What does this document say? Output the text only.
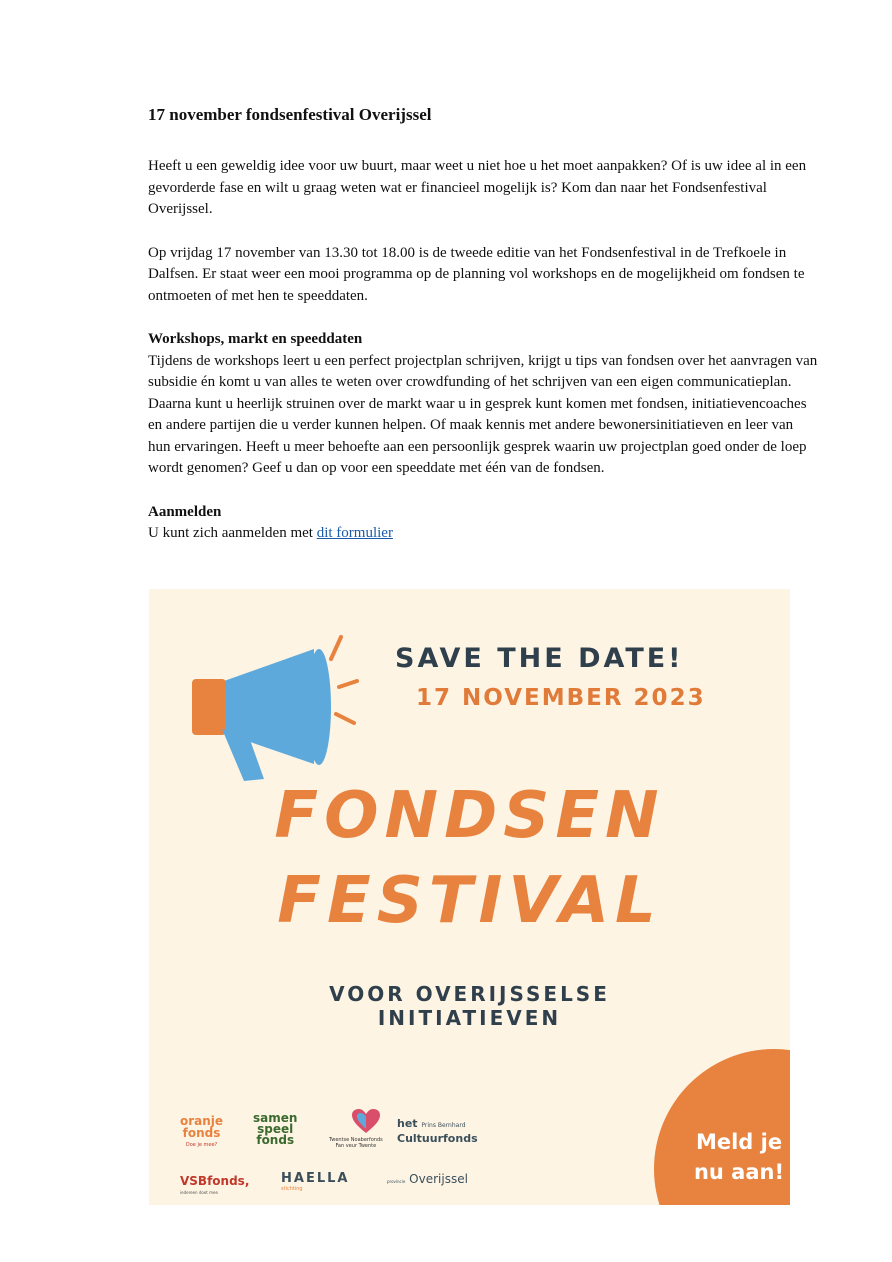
17 november fondsenfestival Overijssel

Heeft u een geweldig idee voor uw buurt, maar weet u niet hoe u het moet aanpakken? Of is uw idee al in een gevorderde fase en wilt u graag weten wat er financieel mogelijk is? Kom dan naar het Fondsenfestival Overijssel.

Op vrijdag 17 november van 13.30 tot 18.00 is de tweede editie van het Fondsenfestival in de Trefkoele in Dalfsen. Er staat weer een mooi programma op de planning vol workshops en de mogelijkheid om fondsen te ontmoeten of met hen te speeddaten.

Workshops, markt en speeddaten
Tijdens de workshops leert u een perfect projectplan schrijven, krijgt u tips van fondsen over het aanvragen van subsidie én komt u van alles te weten over crowdfunding of het schrijven van een eigen communicatieplan. Daarna kunt u heerlijk struinen over de markt waar u in gesprek kunt komen met fondsen, initiatievencoaches en andere partijen die u verder kunnen helpen. Of maak kennis met andere bewonersinitiatieven en leer van hun ervaringen. Heeft u meer behoefte aan een persoonlijk gesprek waarin uw projectplan goed onder de loep wordt genomen? Geef u dan op voor een speeddate met één van de fondsen.

Aanmelden
U kunt zich aanmelden met dit formulier

SAVE THE DATE!
17 NOVEMBER 2023
FONDSEN
FESTIVAL
VOOR OVERIJSSELSE
INITIATIEVEN
Meld je
nu aan!
oranje
fonds
Doe je mee?
samen
speel
fonds	Twentse Noaberfonds
Fan veur Twente
het Prins Bernhard
Cultuurfonds
VSBfonds,
iedereen doet mee
HAELLA
stichting
provincie Overijssel
